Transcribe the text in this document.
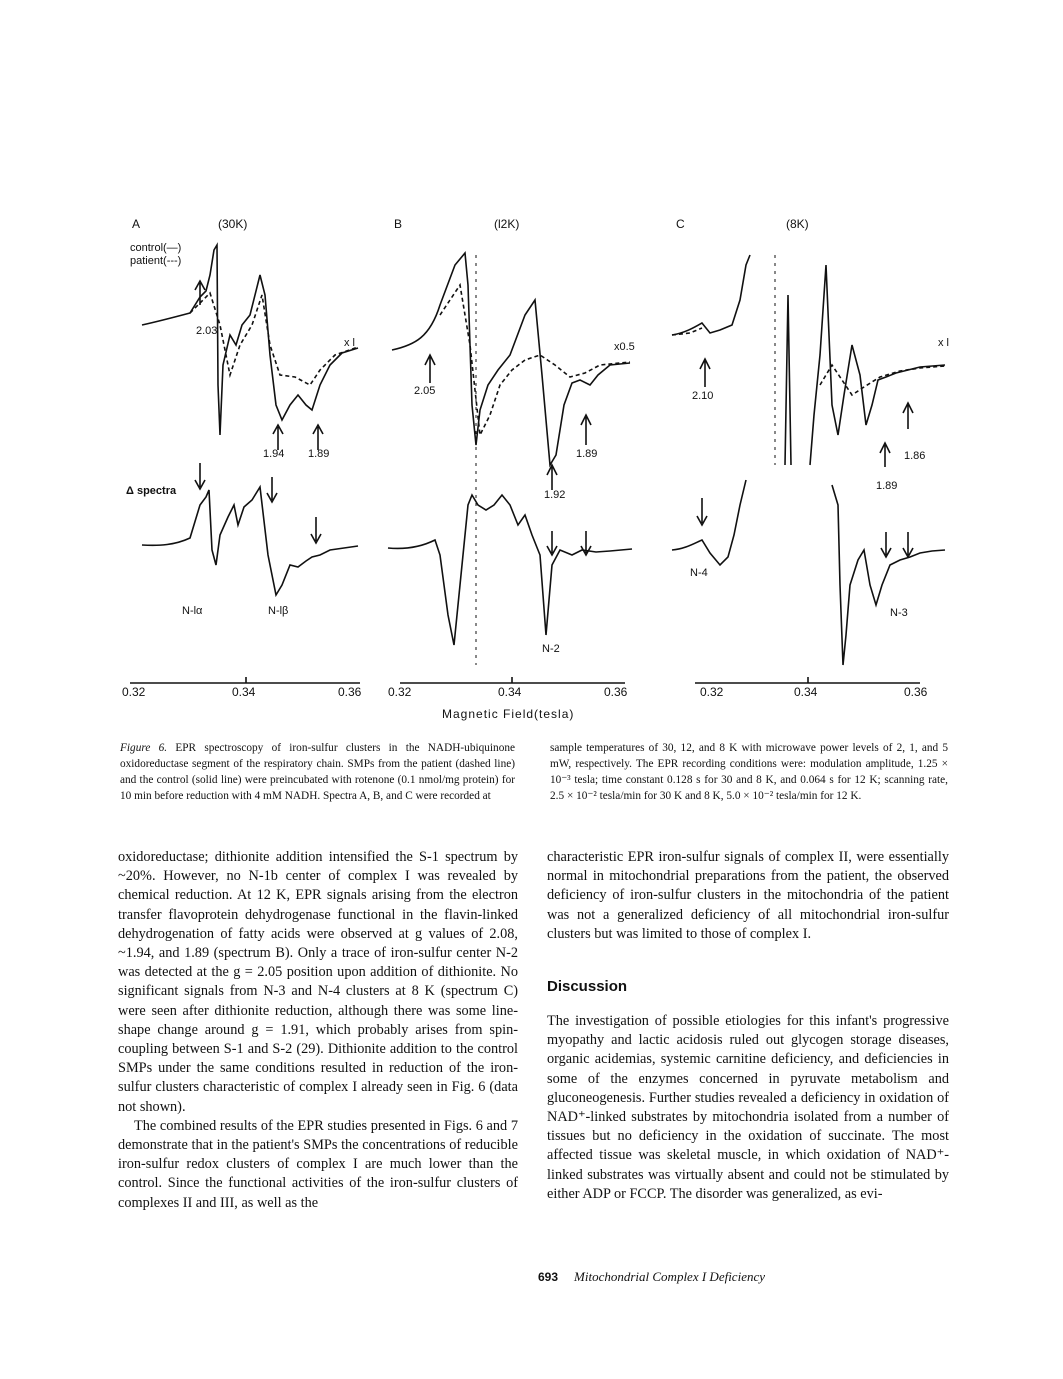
A	(30K)	B	(l2K)	C	(8K)
control(—)
patient(---)
2.03
x l
1.94 1.89
Δ spectra
N-lα	N-lβ
2.05
x0.5
1.89
1.92
N-2
2.10
x l
1.86
1.89
N-4
N-3
0.32	0.34	0.36 0.32	0.34	0.36	0.32	0.34	0.36
Magnetic Field(tesla)
Figure 6. EPR spectroscopy of iron-sulfur clusters in the NADH-ubiquinone oxidoreductase segment of the respiratory chain. SMPs from the patient (dashed line) and the control (solid line) were preincubated with rotenone (0.1 nmol/mg protein) for 10 min before reduction with 4 mM NADH. Spectra A, B, and C were recorded at
sample temperatures of 30, 12, and 8 K with microwave power levels of 2, 1, and 5 mW, respectively. The EPR recording conditions were: modulation amplitude, 1.25 × 10⁻³ tesla; time constant 0.128 s for 30 and 8 K, and 0.064 s for 12 K; scanning rate, 2.5 × 10⁻² tesla/min for 30 K and 8 K, 5.0 × 10⁻² tesla/min for 12 K.

oxidoreductase; dithionite addition intensified the S-1 spectrum by ~20%. However, no N-1b center of complex I was revealed by chemical reduction. At 12 K, EPR signals arising from the electron transfer flavoprotein dehydrogenase functional in the flavin-linked dehydrogenation of fatty acids were observed at g values of 2.08, ~1.94, and 1.89 (spectrum B). Only a trace of iron-sulfur center N-2 was detected at the g = 2.05 position upon addition of dithionite. No significant signals from N-3 and N-4 clusters at 8 K (spectrum C) were seen after dithionite reduction, although there was some line-shape change around g = 1.91, which probably arises from spin-coupling between S-1 and S-2 (29). Dithionite addition to the control SMPs under the same conditions resulted in reduction of the iron-sulfur clusters characteristic of complex I already seen in Fig. 6 (data not shown).

The combined results of the EPR studies presented in Figs. 6 and 7 demonstrate that in the patient's SMPs the concentrations of reducible iron-sulfur redox clusters of complex I are much lower than the control. Since the functional activities of the iron-sulfur clusters of complexes II and III, as well as the

characteristic EPR iron-sulfur signals of complex II, were essentially normal in mitochondrial preparations from the patient, the observed deficiency of iron-sulfur clusters in the mitochondria of the patient was not a generalized deficiency of all mitochondrial iron-sulfur clusters but was limited to those of complex I.

Discussion

The investigation of possible etiologies for this infant's progressive myopathy and lactic acidosis ruled out glycogen storage diseases, organic acidemias, systemic carnitine deficiency, and deficiencies in some of the enzymes concerned in pyruvate metabolism and gluconeogenesis. Further studies revealed a deficiency in oxidation of NAD⁺-linked substrates by mitochondria isolated from a number of tissues but no deficiency in the oxidation of succinate. The most affected tissue was skeletal muscle, in which oxidation of NAD⁺-linked substrates was virtually absent and could not be stimulated by either ADP or FCCP. The disorder was generalized, as evi-

693 Mitochondrial Complex I Deficiency
